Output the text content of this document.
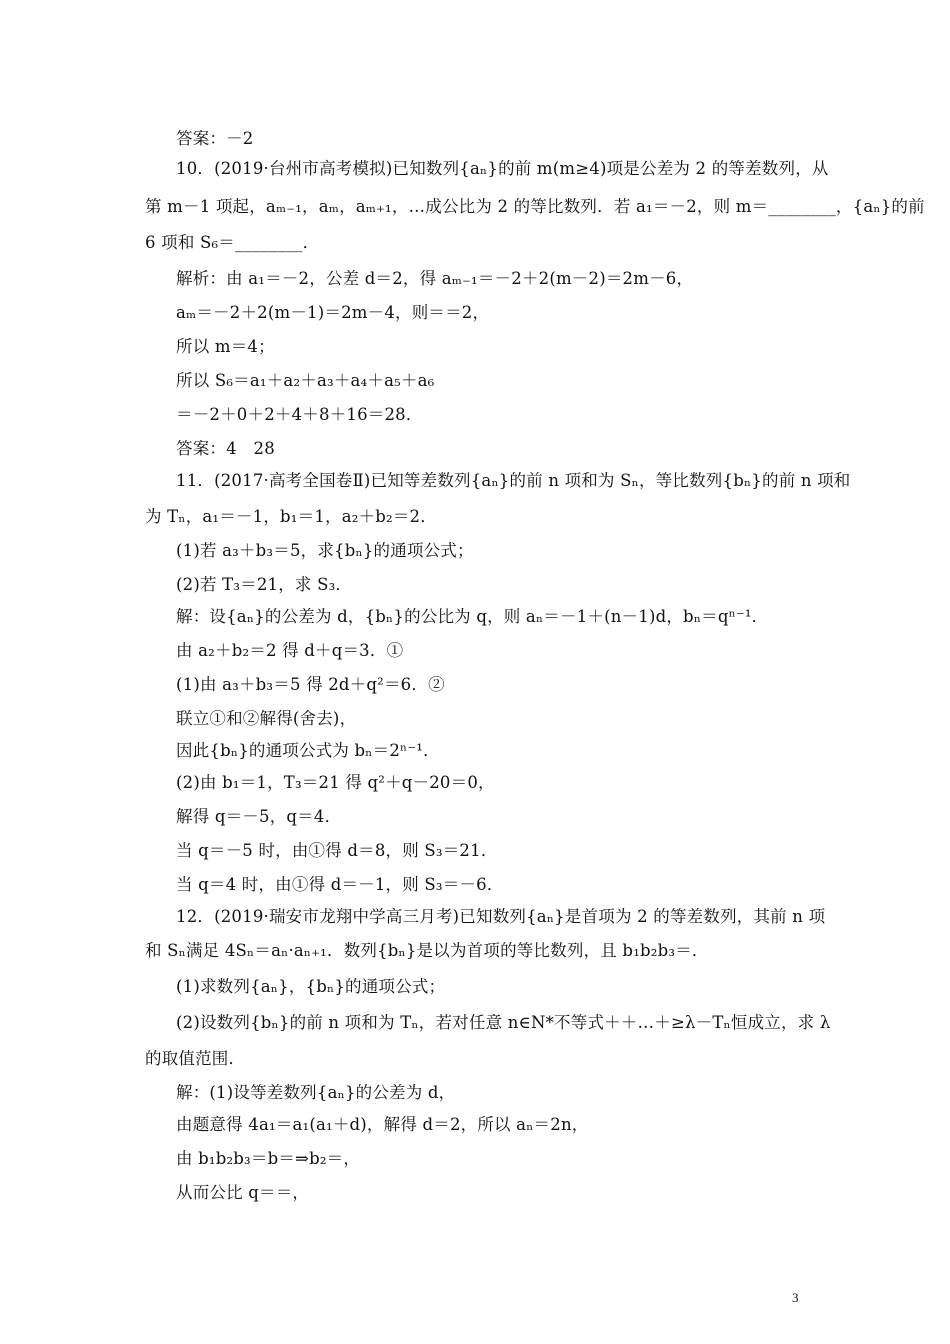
答案：－2
10．(2019·台州市高考模拟)已知数列{aₙ}的前 m(m≥4)项是公差为 2 的等差数列，从
第 m－1 项起，aₘ₋₁，aₘ，aₘ₊₁，…成公比为 2 的等比数列．若 a₁＝－2，则 m＝________，{aₙ}的前
6 项和 S₆＝________．
解析：由 a₁＝－2，公差 d＝2，得 aₘ₋₁＝－2＋2(m－2)＝2m－6，
aₘ＝－2＋2(m－1)＝2m－4，则＝＝2，
所以 m＝4；
所以 S₆＝a₁＋a₂＋a₃＋a₄＋a₅＋a₆
＝－2＋0＋2＋4＋8＋16＝28．
答案：4　28
11．(2017·高考全国卷Ⅱ)已知等差数列{aₙ}的前 n 项和为 Sₙ，等比数列{bₙ}的前 n 项和
为 Tₙ，a₁＝－1，b₁＝1，a₂＋b₂＝2．
(1)若 a₃＋b₃＝5，求{bₙ}的通项公式；
(2)若 T₃＝21，求 S₃．
解：设{aₙ}的公差为 d，{bₙ}的公比为 q，则 aₙ＝－1＋(n－1)d，bₙ＝qⁿ⁻¹．
由 a₂＋b₂＝2 得 d＋q＝3．①
(1)由 a₃＋b₃＝5 得 2d＋q²＝6．②
联立①和②解得(舍去)，
因此{bₙ}的通项公式为 bₙ＝2ⁿ⁻¹．
(2)由 b₁＝1，T₃＝21 得 q²＋q－20＝0，
解得 q＝－5，q＝4．
当 q＝－5 时，由①得 d＝8，则 S₃＝21．
当 q＝4 时，由①得 d＝－1，则 S₃＝－6．
12．(2019·瑞安市龙翔中学高三月考)已知数列{aₙ}是首项为 2 的等差数列，其前 n 项
和 Sₙ满足 4Sₙ＝aₙ·aₙ₊₁．数列{bₙ}是以为首项的等比数列，且 b₁b₂b₃＝．
(1)求数列{aₙ}，{bₙ}的通项公式；
(2)设数列{bₙ}的前 n 项和为 Tₙ，若对任意 n∈N*不等式＋＋…＋≥λ－Tₙ恒成立，求 λ
的取值范围．
解：(1)设等差数列{aₙ}的公差为 d，
由题意得 4a₁＝a₁(a₁＋d)，解得 d＝2，所以 aₙ＝2n，
由 b₁b₂b₃＝b＝⇒b₂＝，
从而公比 q＝＝，
3
